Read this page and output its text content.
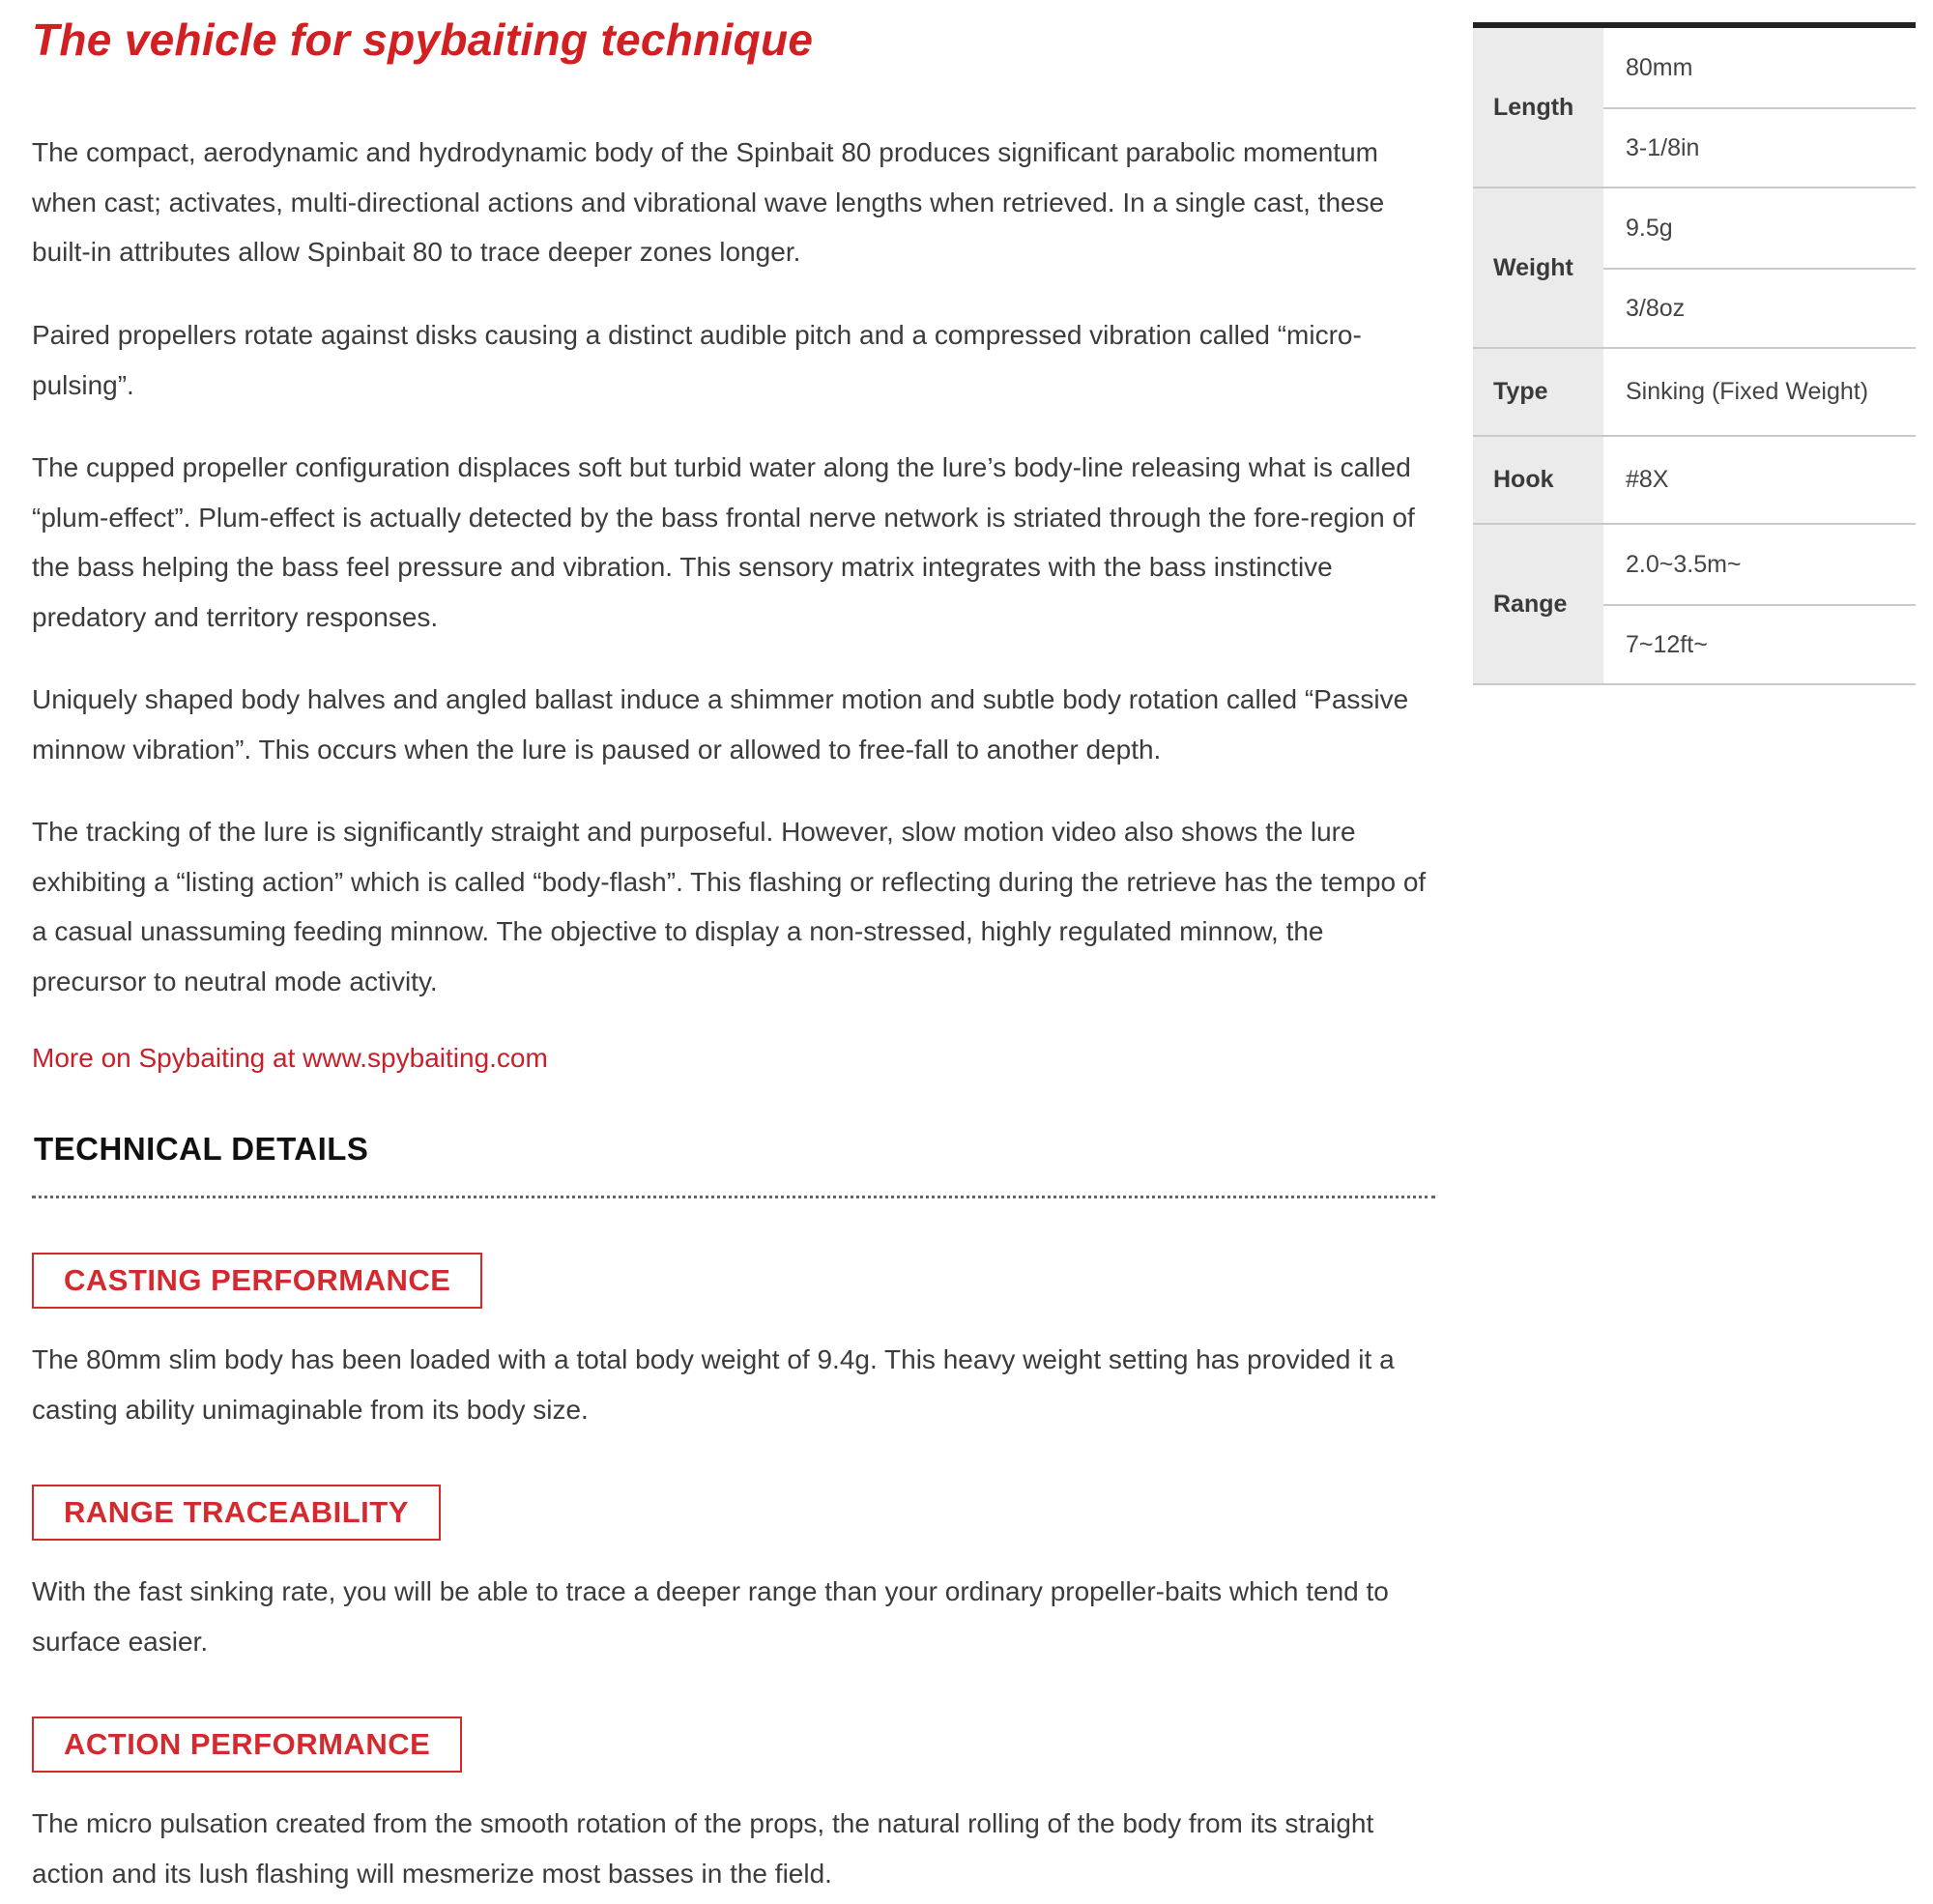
The vehicle for spybaiting technique

The compact, aerodynamic and hydrodynamic body of the Spinbait 80 produces significant parabolic momentum when cast; activates, multi-directional actions and vibrational wave lengths when retrieved. In a single cast, these built-in attributes allow Spinbait 80 to trace deeper zones longer.

Paired propellers rotate against disks causing a distinct audible pitch and a compressed vibration called “micro-pulsing”.

The cupped propeller configuration displaces soft but turbid water along the lure’s body-line releasing what is called “plum-effect”. Plum-effect is actually detected by the bass frontal nerve network is striated through the fore-region of the bass helping the bass feel pressure and vibration. This sensory matrix integrates with the bass instinctive predatory and territory responses.

Uniquely shaped body halves and angled ballast induce a shimmer motion and subtle body rotation called “Passive minnow vibration”. This occurs when the lure is paused or allowed to free-fall to another depth.

The tracking of the lure is significantly straight and purposeful. However, slow motion video also shows the lure exhibiting a “listing action” which is called “body-flash”. This flashing or reflecting during the retrieve has the tempo of a casual unassuming feeding minnow. The objective to display a non-stressed, highly regulated minnow, the precursor to neutral mode activity.

More on Spybaiting at www.spybaiting.com
TECHNICAL DETAILS
CASTING PERFORMANCE

The 80mm slim body has been loaded with a total body weight of 9.4g. This heavy weight setting has provided it a casting ability unimaginable from its body size.

RANGE TRACEABILITY

With the fast sinking rate, you will be able to trace a deeper range than your ordinary propeller-baits which tend to surface easier.

ACTION PERFORMANCE

The micro pulsation created from the smooth rotation of the props, the natural rolling of the body from its straight action and its lush flashing will mesmerize most basses in the field.

Length
80mm
3-1/8in
Weight
9.5g
3/8oz
Type	Sinking (Fixed Weight)
Hook	#8X
Range
2.0~3.5m~
7~12ft~
